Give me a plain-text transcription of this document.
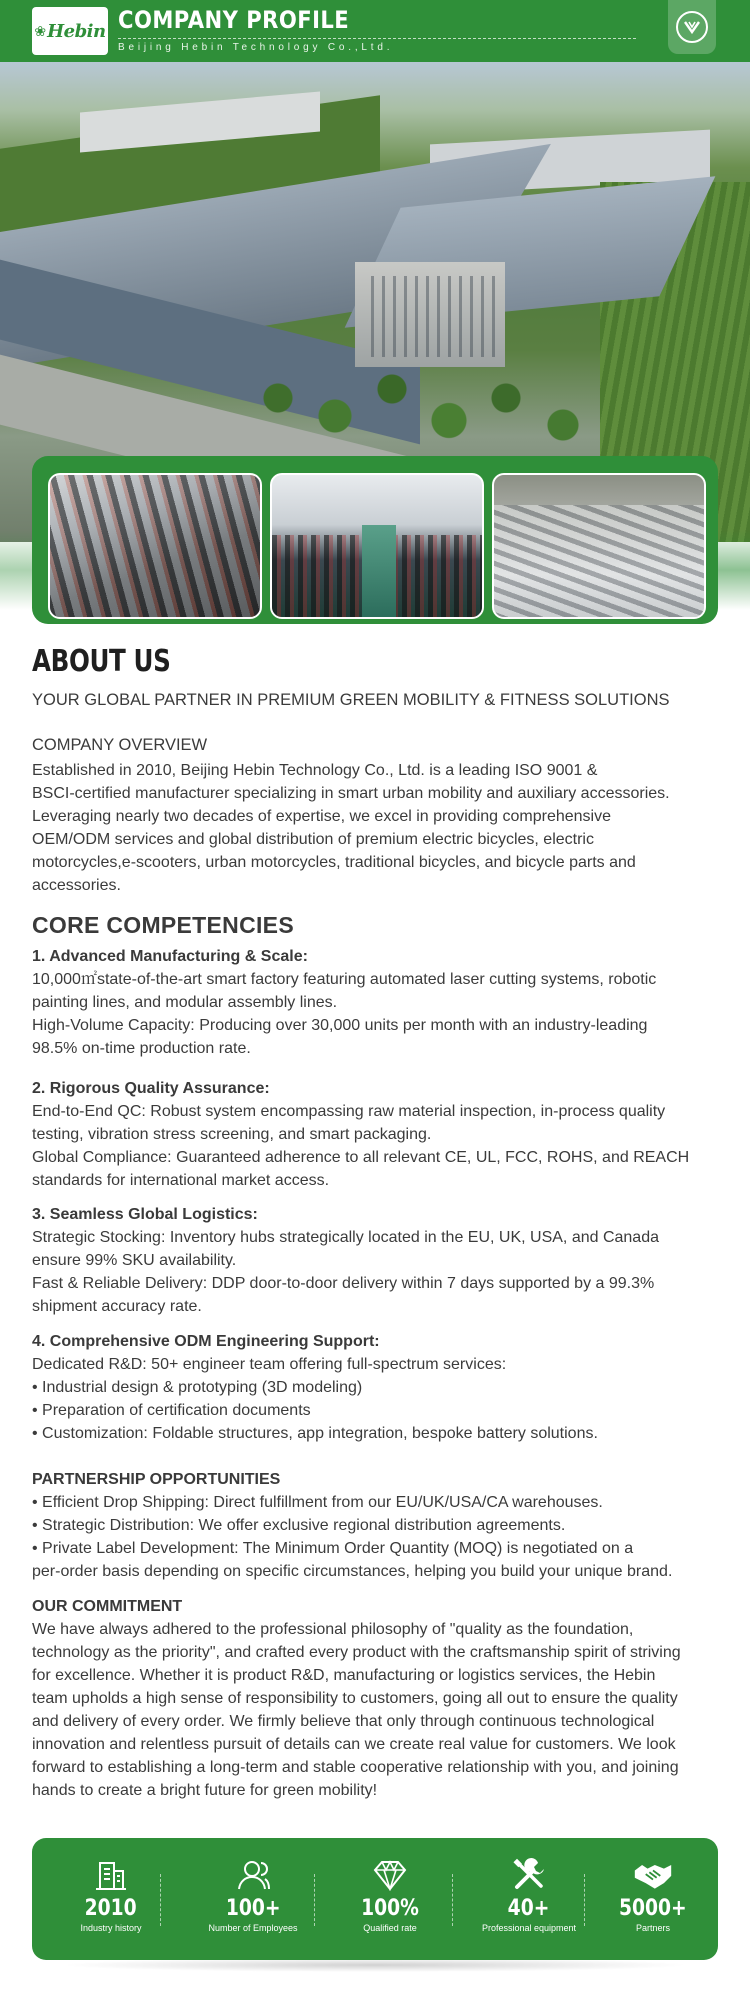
❀ Hebin COMPANY PROFILE
Beijing Hebin Technology Co.,Ltd.
ABOUT US
YOUR GLOBAL PARTNER IN PREMIUM GREEN MOBILITY & FITNESS SOLUTIONS
COMPANY OVERVIEW
Established in 2010, Beijing Hebin Technology Co., Ltd. is a leading ISO 9001 &
BSCI-certified manufacturer specializing in smart urban mobility and auxiliary accessories.
Leveraging nearly two decades of expertise, we excel in providing comprehensive
OEM/ODM services and global distribution of premium electric bicycles, electric
motorcycles,e-scooters, urban motorcycles, traditional bicycles, and bicycle parts and
accessories.
CORE COMPETENCIES
1. Advanced Manufacturing & Scale:
10,000㎡state-of-the-art smart factory featuring automated laser cutting systems, robotic
painting lines, and modular assembly lines.
High-Volume Capacity: Producing over 30,000 units per month with an industry-leading
98.5% on-time production rate.
2. Rigorous Quality Assurance:
End-to-End QC: Robust system encompassing raw material inspection, in-process quality
testing, vibration stress screening, and smart packaging.
Global Compliance: Guaranteed adherence to all relevant CE, UL, FCC, ROHS, and REACH
standards for international market access.
3. Seamless Global Logistics:
Strategic Stocking: Inventory hubs strategically located in the EU, UK, USA, and Canada
ensure 99% SKU availability.
Fast & Reliable Delivery: DDP door-to-door delivery within 7 days supported by a 99.3%
shipment accuracy rate.
4. Comprehensive ODM Engineering Support:
Dedicated R&D: 50+ engineer team offering full-spectrum services:
• Industrial design & prototyping (3D modeling)
• Preparation of certification documents
• Customization: Foldable structures, app integration, bespoke battery solutions.
PARTNERSHIP OPPORTUNITIES
• Efficient Drop Shipping: Direct fulfillment from our EU/UK/USA/CA warehouses.
• Strategic Distribution: We offer exclusive regional distribution agreements.
• Private Label Development: The Minimum Order Quantity (MOQ) is negotiated on a
per-order basis depending on specific circumstances, helping you build your unique brand.
OUR COMMITMENT
We have always adhered to the professional philosophy of "quality as the foundation,
technology as the priority", and crafted every product with the craftsmanship spirit of striving
for excellence. Whether it is product R&D, manufacturing or logistics services, the Hebin
team upholds a high sense of responsibility to customers, going all out to ensure the quality
and delivery of every order. We firmly believe that only through continuous technological
innovation and relentless pursuit of details can we create real value for customers. We look
forward to establishing a long-term and stable cooperative relationship with you, and joining
hands to create a bright future for green mobility!
2010
Industry history
100+
Number of Employees
100%
Qualified rate
40+
Professional equipment
5000+
Partners
